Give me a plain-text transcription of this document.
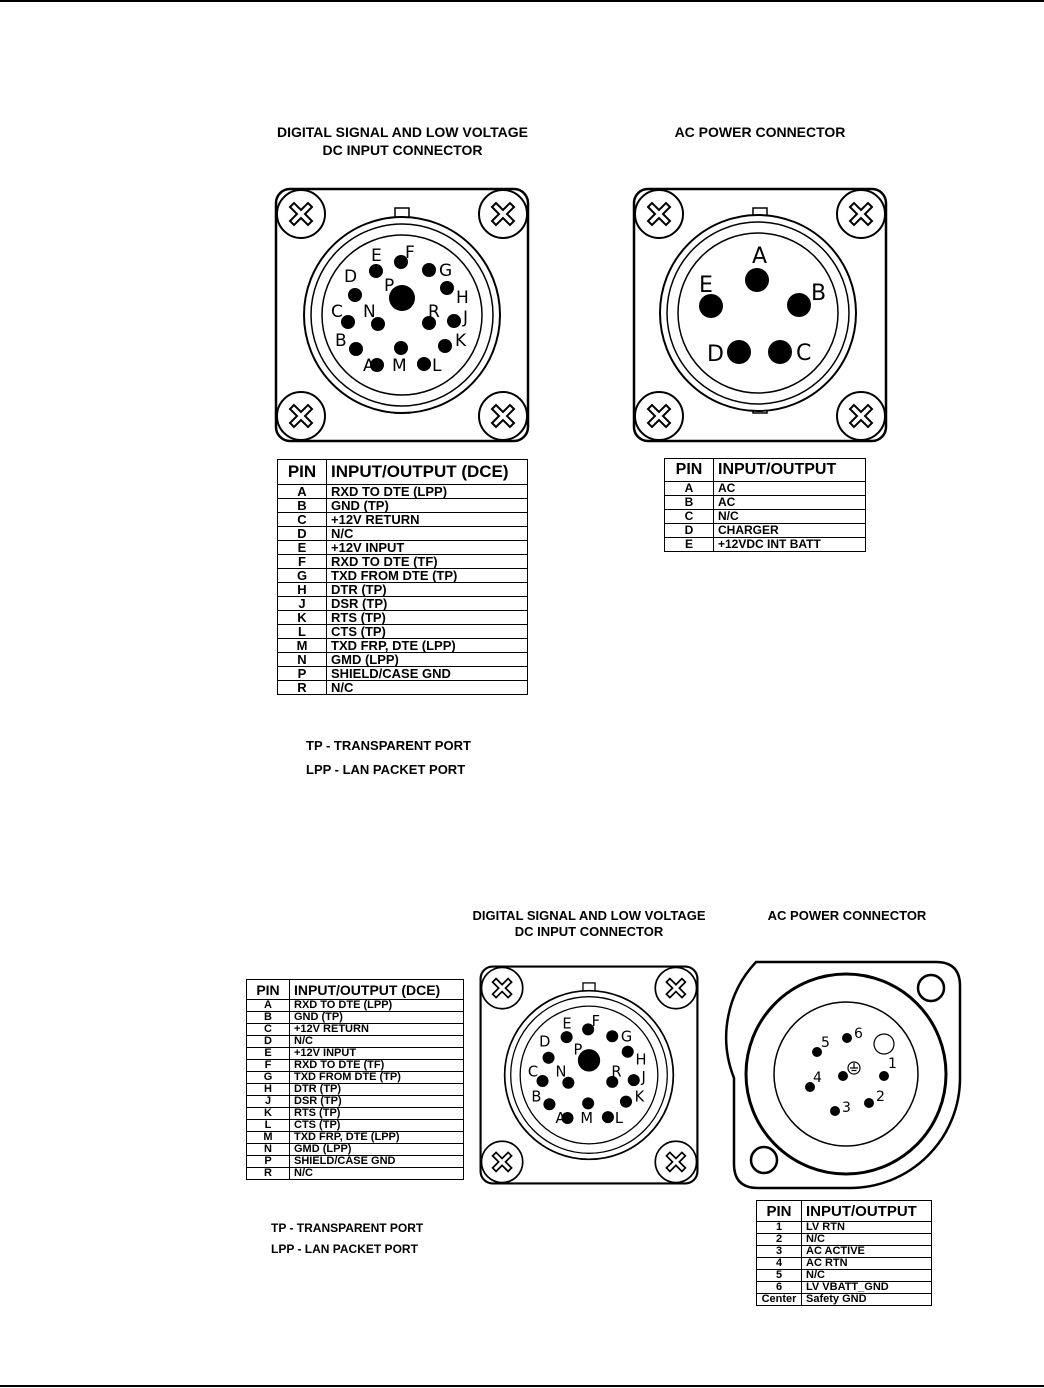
DIGITAL SIGNAL AND LOW VOLTAGE
DC INPUT CONNECTOR
AC POWER CONNECTOR
A
B
C
D
E F
G
H
J
K
L
M
N
P
R
A
B
C
D
E
PIN	INPUT/OUTPUT (DCE)
A	RXD TO DTE (LPP)
B	GND (TP)
C	+12V RETURN
D	N/C
E	+12V INPUT
F	RXD TO DTE (TF)
G	TXD FROM DTE (TP)
H	DTR (TP)
J	DSR (TP)
K	RTS (TP)
L	CTS (TP)
M	TXD FRP, DTE (LPP)
N	GMD (LPP)
P	SHIELD/CASE GND
R	N/C
PIN	INPUT/OUTPUT
A	AC
B	AC
C	N/C
D	CHARGER
E	+12VDC INT BATT
TP - TRANSPARENT PORT
LPP - LAN PACKET PORT
DIGITAL SIGNAL AND LOW VOLTAGE
DC INPUT CONNECTOR
AC POWER CONNECTOR
PIN	INPUT/OUTPUT (DCE)
A	RXD TO DTE (LPP)
B	GND (TP)
C	+12V RETURN
D	N/C
E	+12V INPUT
F	RXD TO DTE (TF)
G	TXD FROM DTE (TP)
H	DTR (TP)
J	DSR (TP)
K	RTS (TP)
L	CTS (TP)
M	TXD FRP, DTE (LPP)
N	GMD (LPP)
P	SHIELD/CASE GND
R	N/C
A
B
C
D
E F
G
H
J
K
L
M
N
P
R	1
2
3
4
5
6
PIN	INPUT/OUTPUT
1	LV RTN
2	N/C
3	AC ACTIVE
4	AC RTN
5	N/C
6	LV VBATT_GND
Center	Safety GND
TP - TRANSPARENT PORT
LPP - LAN PACKET PORT
